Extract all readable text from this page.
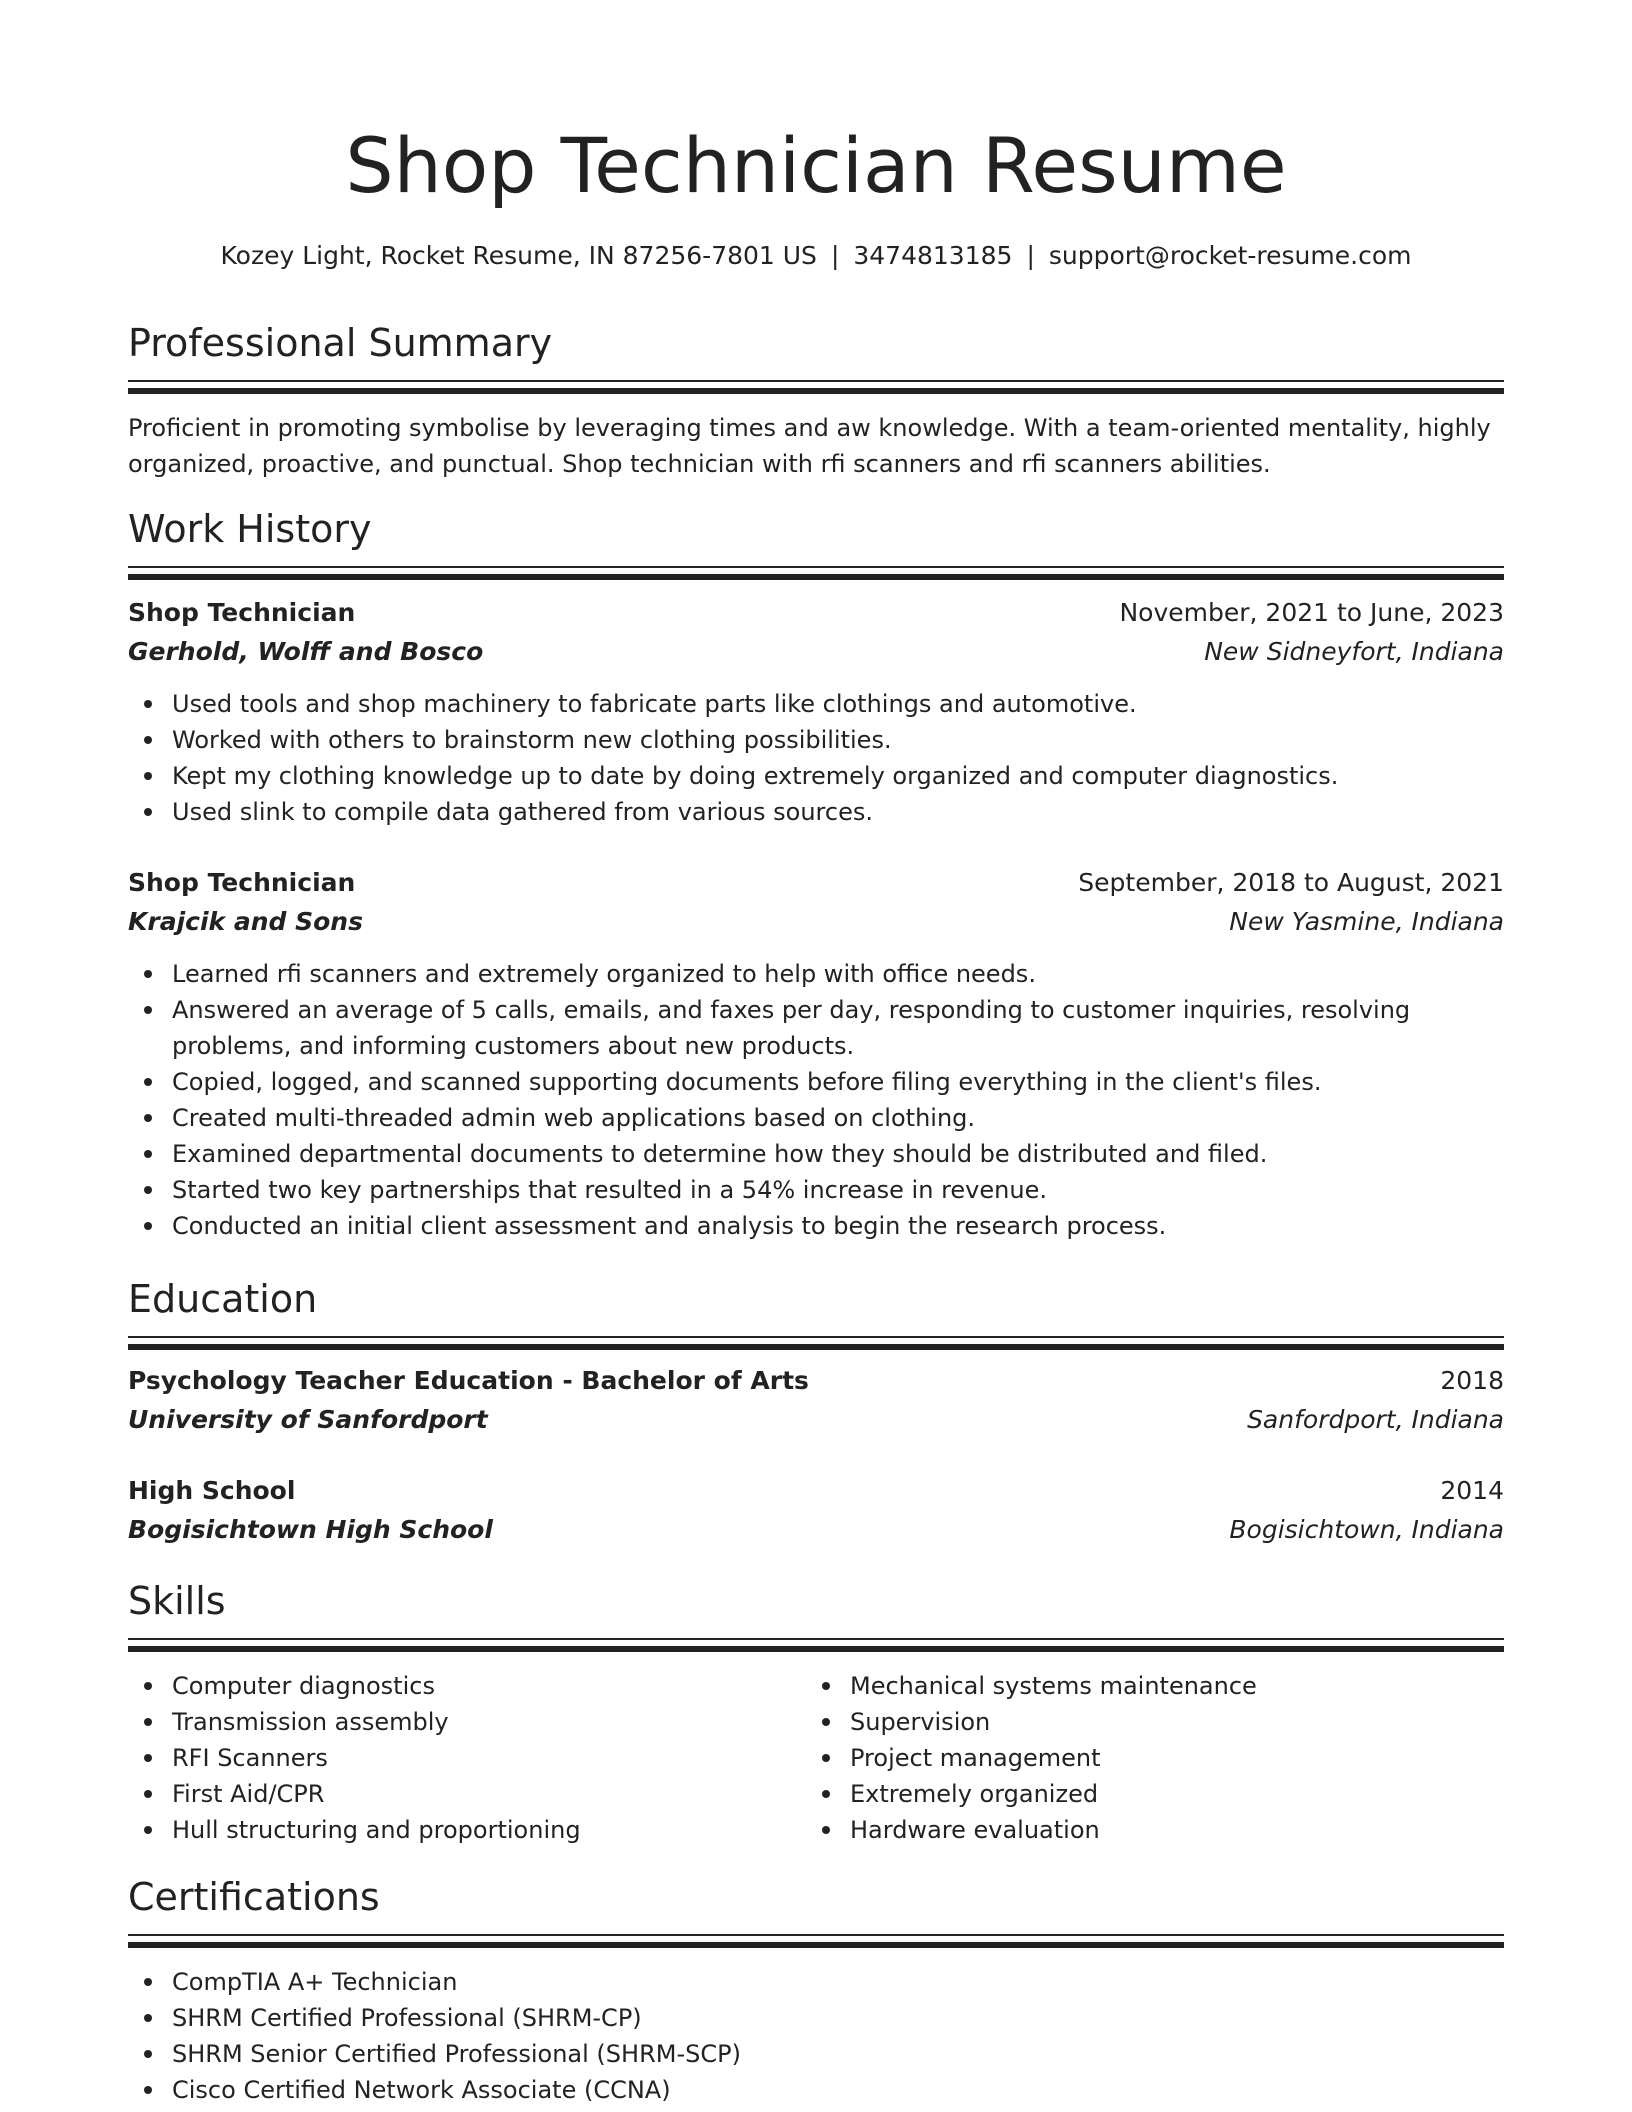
Shop Technician Resume
Kozey Light, Rocket Resume, IN 87256-7801 US | 3474813185 | support@rocket-resume.com
Professional Summary
Proficient in promoting symbolise by leveraging times and aw knowledge. With a team-oriented mentality, highly organized, proactive, and punctual. Shop technician with rfi scanners and rfi scanners abilities.
Work History
Shop Technician	November, 2021 to June, 2023
Gerhold, Wolff and Bosco	New Sidneyfort, Indiana
Used tools and shop machinery to fabricate parts like clothings and automotive.
Worked with others to brainstorm new clothing possibilities.
Kept my clothing knowledge up to date by doing extremely organized and computer diagnostics.
Used slink to compile data gathered from various sources.
Shop Technician	September, 2018 to August, 2021
Krajcik and Sons	New Yasmine, Indiana
Learned rfi scanners and extremely organized to help with office needs.
Answered an average of 5 calls, emails, and faxes per day, responding to customer inquiries, resolving problems, and informing customers about new products.
Copied, logged, and scanned supporting documents before filing everything in the client's files.
Created multi-threaded admin web applications based on clothing.
Examined departmental documents to determine how they should be distributed and filed.
Started two key partnerships that resulted in a 54% increase in revenue.
Conducted an initial client assessment and analysis to begin the research process.
Education
Psychology Teacher Education - Bachelor of Arts	2018
University of Sanfordport	Sanfordport, Indiana
High School	2014
Bogisichtown High School	Bogisichtown, Indiana
Skills
Computer diagnostics
Transmission assembly
RFI Scanners
First Aid/CPR
Hull structuring and proportioning
Mechanical systems maintenance
Supervision
Project management
Extremely organized
Hardware evaluation
Certifications
CompTIA A+ Technician
SHRM Certified Professional (SHRM-CP)
SHRM Senior Certified Professional (SHRM-SCP)
Cisco Certified Network Associate (CCNA)
